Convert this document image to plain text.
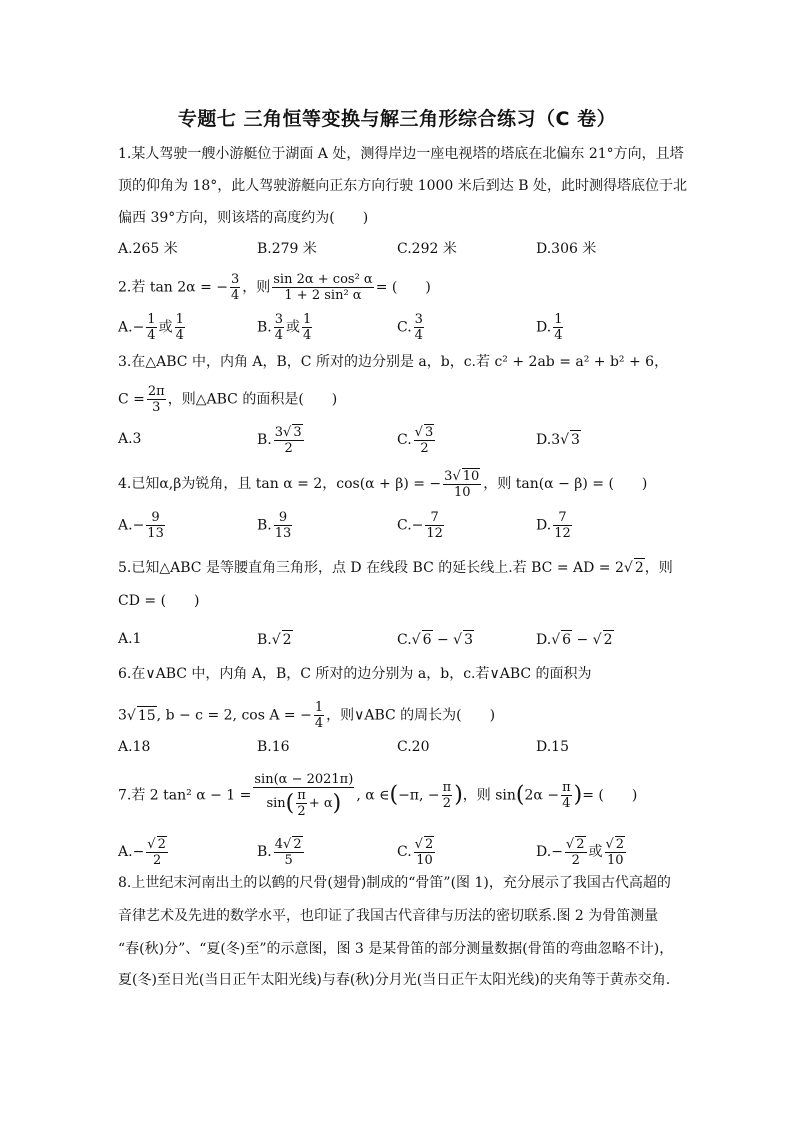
专题七 三角恒等变换与解三角形综合练习（C 卷）
1.某人驾驶一艘小游艇位于湖面 A 处，测得岸边一座电视塔的塔底在北偏东 21°方向，且塔
顶的仰角为 18°，此人驾驶游艇向正东方向行驶 1000 米后到达 B 处，此时测得塔底位于北
偏西 39°方向，则该塔的高度约为(　　)
A.265 米	B.279 米	C.292 米	D.306 米
2.若 tan 2α = − $\frac{3}{4}$ ，则 $\frac{\text{sin 2α + cos² α}}{\text{1 + 2 sin² α}}$ = (　　)
$A.- \frac{1}{4}$ 或 $\frac{1}{4}$	B. $\frac{3}{4}$ 或 $\frac{1}{4}$	C. $\frac{3}{4}$	D. $\frac{1}{4}$
3.在△ABC 中，内角 A，B，C 所对的边分别是 a，b，c.若 c² + 2ab = a² + b² + 6，
$C = \frac{2\pi}{3}$ ，则△ABC 的面积是(　　)
A.3	B. $\frac{3 √ 3}{2}$	C. √ $\frac{3}{2}$	D.3 √ 3
4.已知α,β为锐角，且 tan α = 2，cos(α + β) = − $\frac{3 √ 10}{10}$ ，则 tan(α − β) = (　　)
$A.- \frac{9}{13}$	B. $\frac{9}{13}$	$C.- \frac{7}{12}$	D. $\frac{7}{12}$
5.已知△ABC 是等腰直角三角形，点 D 在线段 BC 的延长线上.若 BC = AD = 2 √ 2，则
CD = (　　)
A.1	B. √ 2	C. √ 6 − √ 3	D. √ 6 − √ 2
6.在∨ABC 中，内角 A，B，C 所对的边分别为 a，b，c.若∨ABC 的面积为
3 √ 15, b − c = 2, cos A = − $\frac{1}{4}$ ，则∨ABC 的周长为(　　)
A.18	B.16	C.20	D.15
7.若 2 tan² $\alpha - 1 = \frac{\sin(\alpha - 2021\pi)}{\sin( \frac{\pi}{2} + \alpha)}$ , α ∈(−π, − $\frac{\pi}{2}$ )，则 $\sin(2\alpha - \frac{\pi}{4}$ )= (　　)
A.− √ $\frac{2}{2}$	B. $\frac{4 √ 2}{5}$	C. √ $\frac{2}{10}$	D.− √ $\frac{2}{2}$ 或 √ $\frac{2}{10}$
8.上世纪末河南出土的以鹤的尺骨(翅骨)制成的“骨笛”(图 1)，充分展示了我国古代高超的
音律艺术及先进的数学水平，也印证了我国古代音律与历法的密切联系.图 2 为骨笛测量
“春(秋)分”、“夏(冬)至”的示意图，图 3 是某骨笛的部分测量数据(骨笛的弯曲忽略不计)，
夏(冬)至日光(当日正午太阳光线)与春(秋)分月光(当日正午太阳光线)的夹角等于黄赤交角.
